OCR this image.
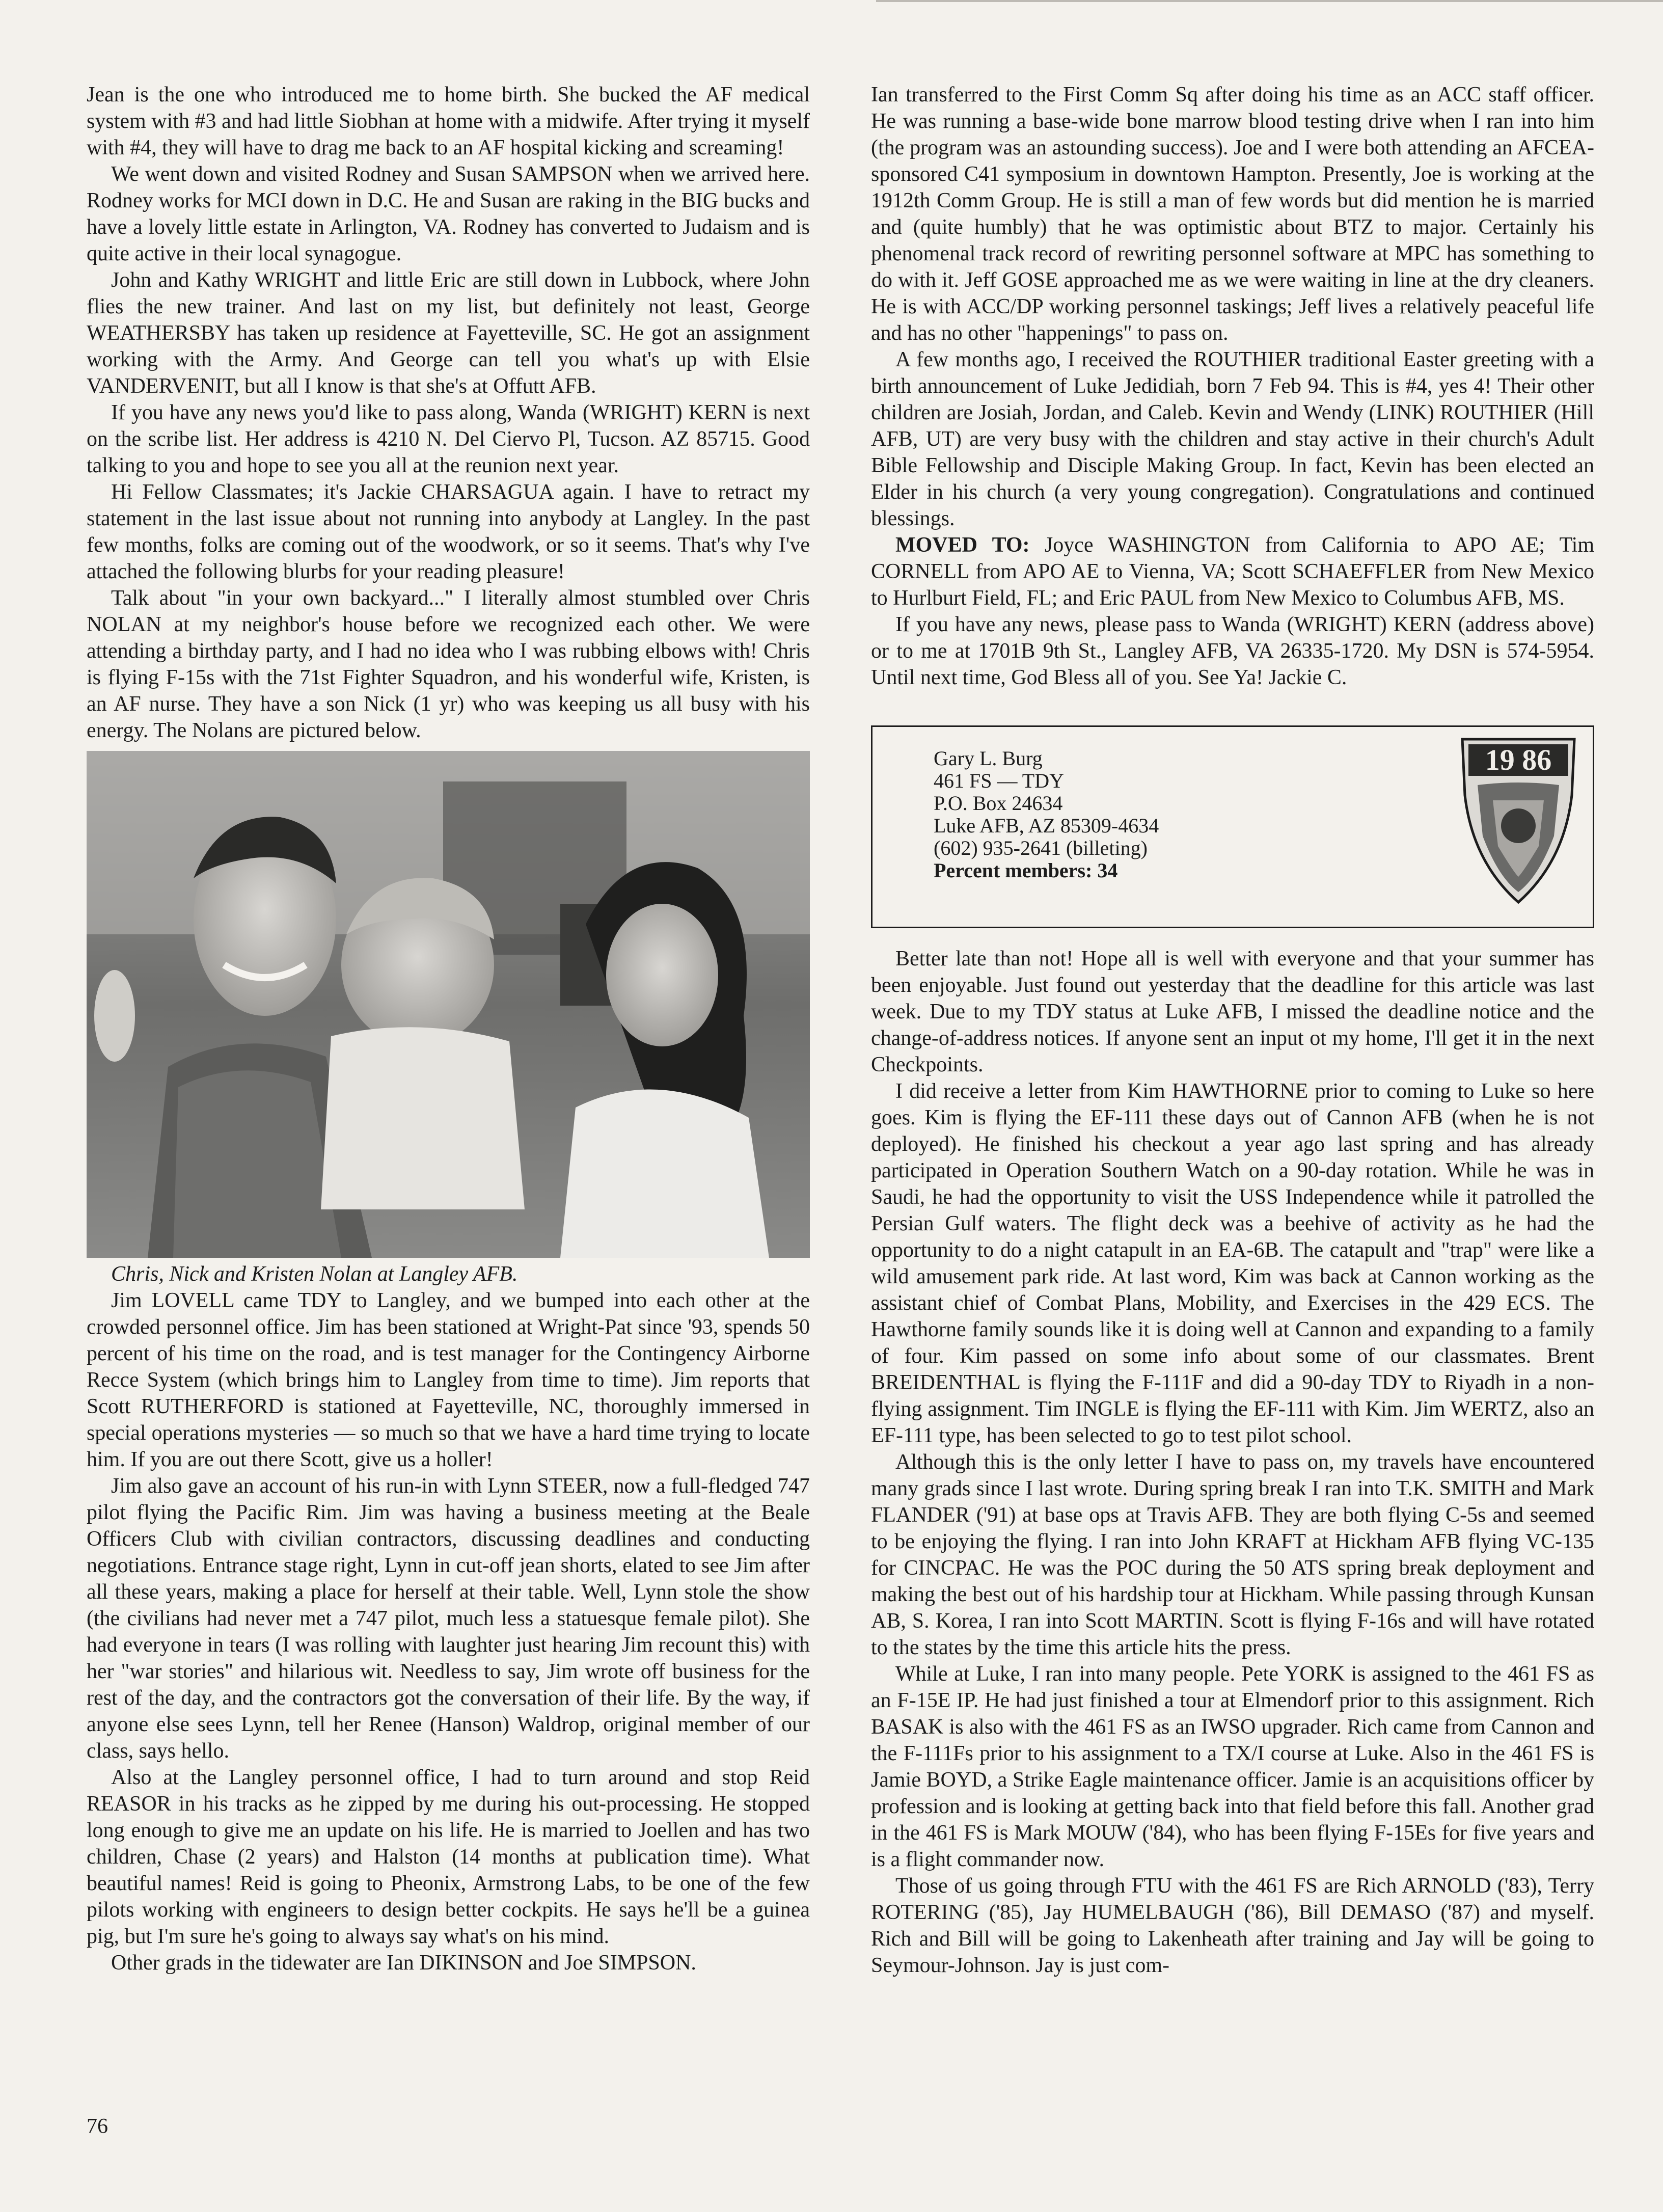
Jean is the one who introduced me to home birth. She bucked the AF medical system with #3 and had little Siobhan at home with a midwife. After trying it myself with #4, they will have to drag me back to an AF hospital kicking and screaming!

We went down and visited Rodney and Susan SAMPSON when we arrived here. Rodney works for MCI down in D.C. He and Susan are raking in the BIG bucks and have a lovely little estate in Arlington, VA. Rodney has converted to Judaism and is quite active in their local synagogue.

John and Kathy WRIGHT and little Eric are still down in Lubbock, where John flies the new trainer. And last on my list, but definitely not least, George WEATHERSBY has taken up residence at Fayetteville, SC. He got an assignment working with the Army. And George can tell you what's up with Elsie VANDERVENIT, but all I know is that she's at Offutt AFB.

If you have any news you'd like to pass along, Wanda (WRIGHT) KERN is next on the scribe list. Her address is 4210 N. Del Ciervo Pl, Tucson. AZ 85715. Good talking to you and hope to see you all at the reunion next year.

Hi Fellow Classmates; it's Jackie CHARSAGUA again. I have to retract my statement in the last issue about not running into anybody at Langley. In the past few months, folks are coming out of the woodwork, or so it seems. That's why I've attached the following blurbs for your reading pleasure!

Talk about "in your own backyard..." I literally almost stumbled over Chris NOLAN at my neighbor's house before we recognized each other. We were attending a birthday party, and I had no idea who I was rubbing elbows with! Chris is flying F-15s with the 71st Fighter Squadron, and his wonderful wife, Kristen, is an AF nurse. They have a son Nick (1 yr) who was keeping us all busy with his energy. The Nolans are pictured below.

Chris, Nick and Kristen Nolan at Langley AFB.

Jim LOVELL came TDY to Langley, and we bumped into each other at the crowded personnel office. Jim has been stationed at Wright-Pat since '93, spends 50 percent of his time on the road, and is test manager for the Contingency Airborne Recce System (which brings him to Langley from time to time). Jim reports that Scott RUTHERFORD is stationed at Fayetteville, NC, thoroughly immersed in special operations mysteries — so much so that we have a hard time trying to locate him. If you are out there Scott, give us a holler!

Jim also gave an account of his run-in with Lynn STEER, now a full-fledged 747 pilot flying the Pacific Rim. Jim was having a business meeting at the Beale Officers Club with civilian contractors, discussing deadlines and conducting negotiations. Entrance stage right, Lynn in cut-off jean shorts, elated to see Jim after all these years, making a place for herself at their table. Well, Lynn stole the show (the civilians had never met a 747 pilot, much less a statuesque female pilot). She had everyone in tears (I was rolling with laughter just hearing Jim recount this) with her "war stories" and hilarious wit. Needless to say, Jim wrote off business for the rest of the day, and the contractors got the conversation of their life. By the way, if anyone else sees Lynn, tell her Renee (Hanson) Waldrop, original member of our class, says hello.

Also at the Langley personnel office, I had to turn around and stop Reid REASOR in his tracks as he zipped by me during his out-processing. He stopped long enough to give me an update on his life. He is married to Joellen and has two children, Chase (2 years) and Halston (14 months at publication time). What beautiful names! Reid is going to Pheonix, Armstrong Labs, to be one of the few pilots working with engineers to design better cockpits. He says he'll be a guinea pig, but I'm sure he's going to always say what's on his mind.

Other grads in the tidewater are Ian DIKINSON and Joe SIMPSON.

Ian transferred to the First Comm Sq after doing his time as an ACC staff officer. He was running a base-wide bone marrow blood testing drive when I ran into him (the program was an astounding success). Joe and I were both attending an AFCEA-sponsored C41 symposium in downtown Hampton. Presently, Joe is working at the 1912th Comm Group. He is still a man of few words but did mention he is married and (quite humbly) that he was optimistic about BTZ to major. Certainly his phenomenal track record of rewriting personnel software at MPC has something to do with it. Jeff GOSE approached me as we were waiting in line at the dry cleaners. He is with ACC/DP working personnel taskings; Jeff lives a relatively peaceful life and has no other "happenings" to pass on.

A few months ago, I received the ROUTHIER traditional Easter greeting with a birth announcement of Luke Jedidiah, born 7 Feb 94. This is #4, yes 4! Their other children are Josiah, Jordan, and Caleb. Kevin and Wendy (LINK) ROUTHIER (Hill AFB, UT) are very busy with the children and stay active in their church's Adult Bible Fellowship and Disciple Making Group. In fact, Kevin has been elected an Elder in his church (a very young congregation). Congratulations and continued blessings.

MOVED TO: Joyce WASHINGTON from California to APO AE; Tim CORNELL from APO AE to Vienna, VA; Scott SCHAEFFLER from New Mexico to Hurlburt Field, FL; and Eric PAUL from New Mexico to Columbus AFB, MS.

If you have any news, please pass to Wanda (WRIGHT) KERN (address above) or to me at 1701B 9th St., Langley AFB, VA 26335-1720. My DSN is 574-5954. Until next time, God Bless all of you. See Ya! Jackie C.

Gary L. Burg
461 FS — TDY
P.O. Box 24634
Luke AFB, AZ 85309-4634
(602) 935-2641 (billeting)
Percent members: 34
19 86

Better late than not! Hope all is well with everyone and that your summer has been enjoyable. Just found out yesterday that the deadline for this article was last week. Due to my TDY status at Luke AFB, I missed the deadline notice and the change-of-address notices. If anyone sent an input ot my home, I'll get it in the next Checkpoints.

I did receive a letter from Kim HAWTHORNE prior to coming to Luke so here goes. Kim is flying the EF-111 these days out of Cannon AFB (when he is not deployed). He finished his checkout a year ago last spring and has already participated in Operation Southern Watch on a 90-day rotation. While he was in Saudi, he had the opportunity to visit the USS Independence while it patrolled the Persian Gulf waters. The flight deck was a beehive of activity as he had the opportunity to do a night catapult in an EA-6B. The catapult and "trap" were like a wild amusement park ride. At last word, Kim was back at Cannon working as the assistant chief of Combat Plans, Mobility, and Exercises in the 429 ECS. The Hawthorne family sounds like it is doing well at Cannon and expanding to a family of four. Kim passed on some info about some of our classmates. Brent BREIDENTHAL is flying the F-111F and did a 90-day TDY to Riyadh in a non-flying assignment. Tim INGLE is flying the EF-111 with Kim. Jim WERTZ, also an EF-111 type, has been selected to go to test pilot school.

Although this is the only letter I have to pass on, my travels have encountered many grads since I last wrote. During spring break I ran into T.K. SMITH and Mark FLANDER ('91) at base ops at Travis AFB. They are both flying C-5s and seemed to be enjoying the flying. I ran into John KRAFT at Hickham AFB flying VC-135 for CINCPAC. He was the POC during the 50 ATS spring break deployment and making the best out of his hardship tour at Hickham. While passing through Kunsan AB, S. Korea, I ran into Scott MARTIN. Scott is flying F-16s and will have rotated to the states by the time this article hits the press.

While at Luke, I ran into many people. Pete YORK is assigned to the 461 FS as an F-15E IP. He had just finished a tour at Elmendorf prior to this assignment. Rich BASAK is also with the 461 FS as an IWSO upgrader. Rich came from Cannon and the F-111Fs prior to his assignment to a TX/I course at Luke. Also in the 461 FS is Jamie BOYD, a Strike Eagle maintenance officer. Jamie is an acquisitions officer by profession and is looking at getting back into that field before this fall. Another grad in the 461 FS is Mark MOUW ('84), who has been flying F-15Es for five years and is a flight commander now.

Those of us going through FTU with the 461 FS are Rich ARNOLD ('83), Terry ROTERING ('85), Jay HUMELBAUGH ('86), Bill DEMASO ('87) and myself. Rich and Bill will be going to Lakenheath after training and Jay will be going to Seymour-Johnson. Jay is just com-

76
